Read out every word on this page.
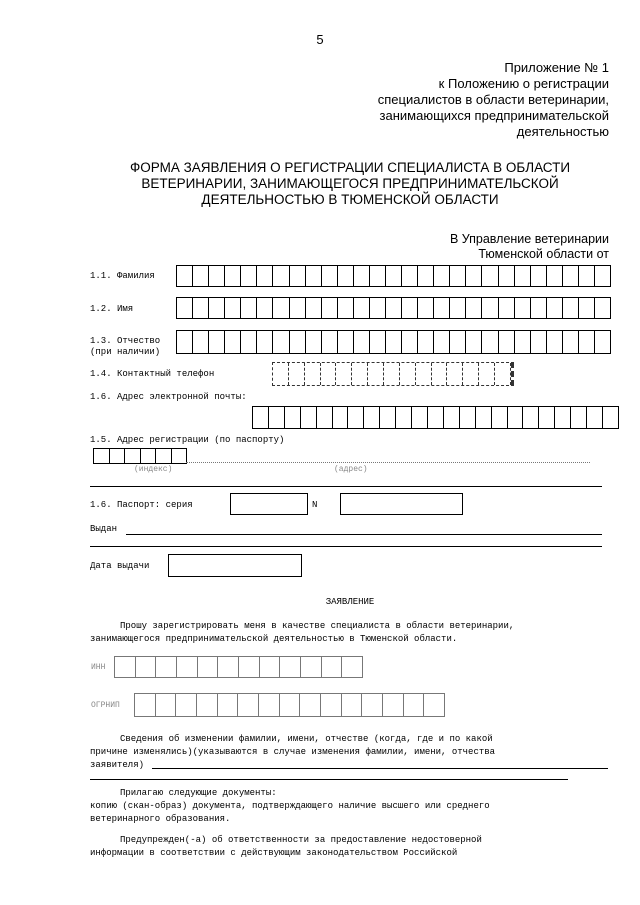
5
Приложение № 1
к Положению о регистрации
специалистов в области ветеринарии,
занимающихся предпринимательской
деятельностью
ФОРМА ЗАЯВЛЕНИЯ О РЕГИСТРАЦИИ СПЕЦИАЛИСТА В ОБЛАСТИ
ВЕТЕРИНАРИИ, ЗАНИМАЮЩЕГОСЯ ПРЕДПРИНИМАТЕЛЬСКОЙ
ДЕЯТЕЛЬНОСТЬЮ В ТЮМЕНСКОЙ ОБЛАСТИ
В Управление ветеринарии
Тюменской области от
1.1. Фамилия
1.2. Имя
1.3. Отчество
(при наличии)
1.4. Контактный телефон
1.6. Адрес электронной почты:
1.5. Адрес регистрации (по паспорту)
(индекс)	(адрес)
1.6. Паспорт: серия	N
Выдан
Дата выдачи
ЗАЯВЛЕНИЕ
Прошу зарегистрировать меня в качестве специалиста в области ветеринарии,
занимающегося предпринимательской деятельностью в Тюменской области.
ИНН
ОГРНИП
Сведения об изменении фамилии, имени, отчестве (когда, где и по какой
причине изменялись)(указываются в случае изменения фамилии, имени, отчества
заявителя)
Прилагаю следующие документы:
копию (скан-образ) документа, подтверждающего наличие высшего или среднего
ветеринарного образования.
Предупрежден(-а) об ответственности за предоставление недостоверной
информации в соответствии с действующим законодательством Российской
